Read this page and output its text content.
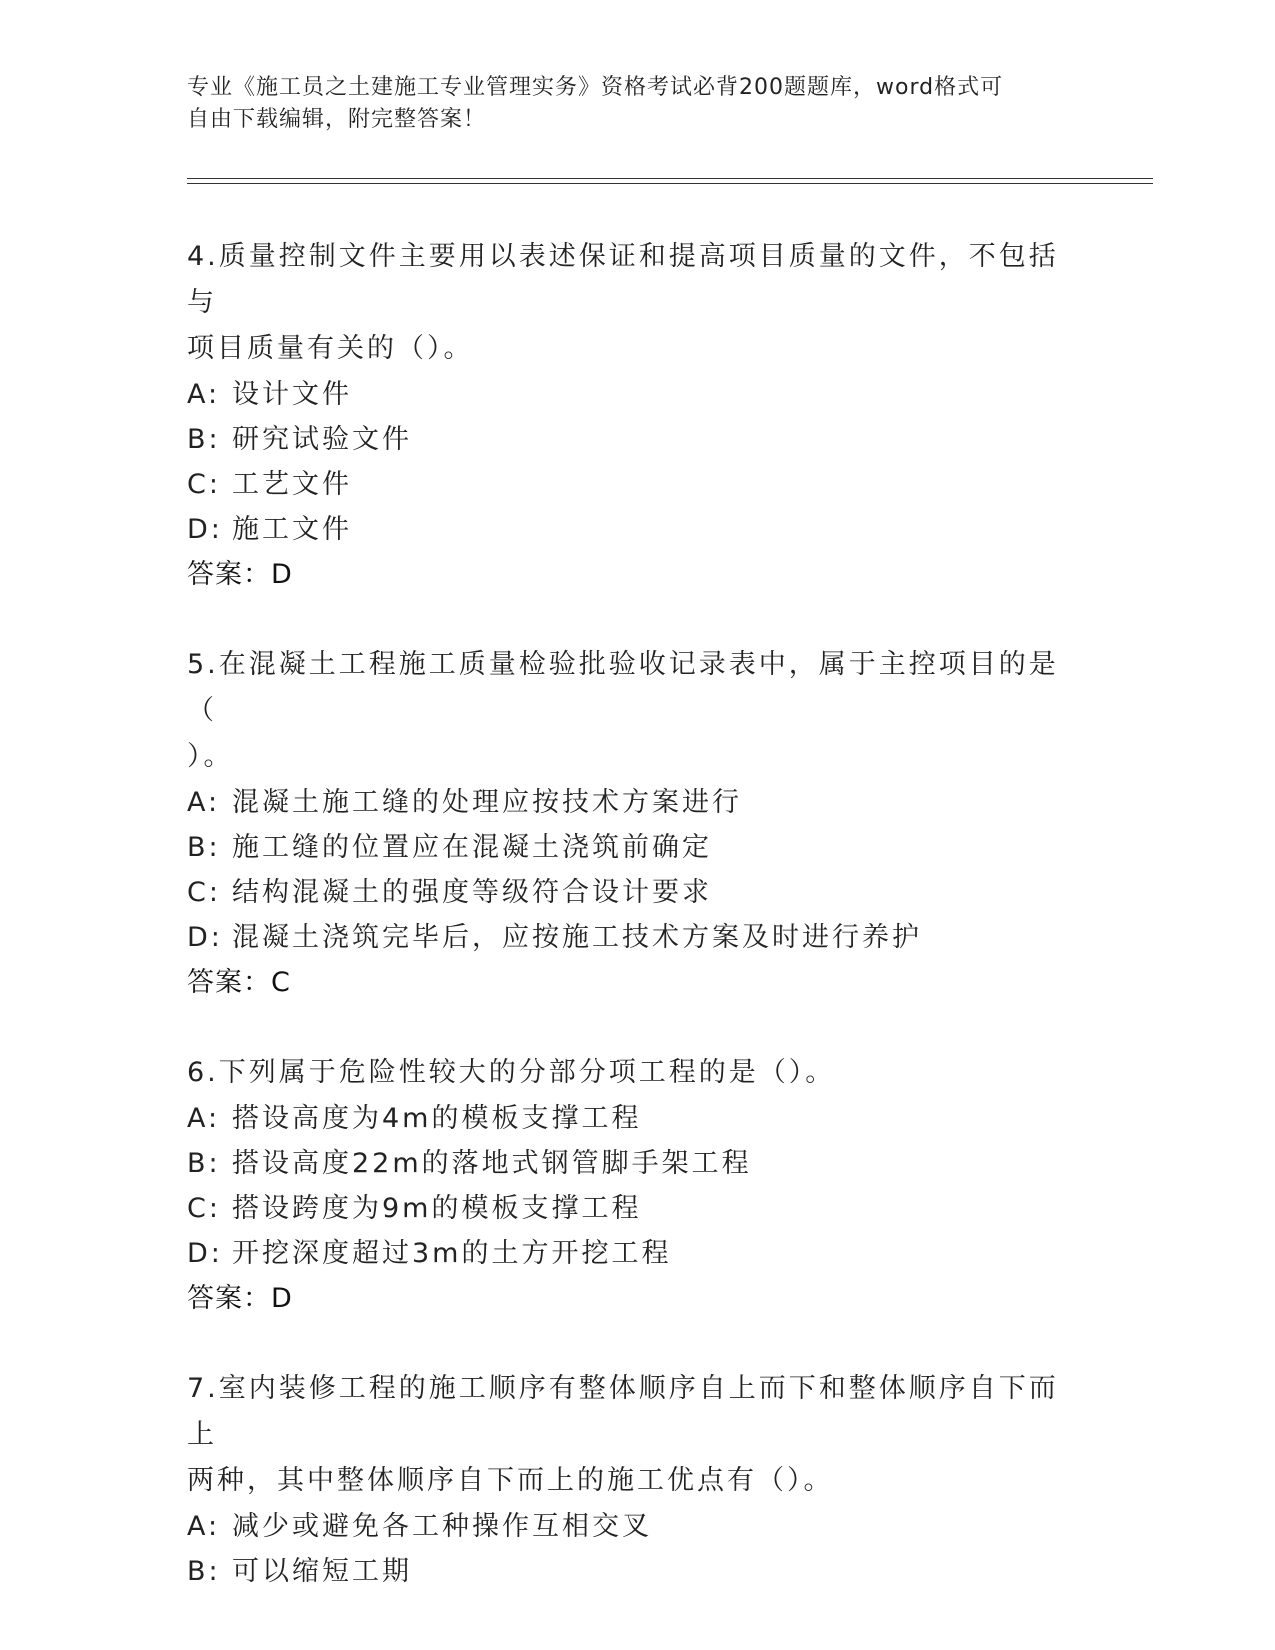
专业《施工员之土建施工专业管理实务》资格考试必背200题题库，word格式可
自由下载编辑，附完整答案！

4.质量控制文件主要用以表述保证和提高项目质量的文件，不包括与
项目质量有关的（）。

A: 设计文件

B: 研究试验文件

C: 工艺文件

D: 施工文件

答案：D

5.在混凝土工程施工质量检验批验收记录表中，属于主控项目的是（
）。

A: 混凝土施工缝的处理应按技术方案进行

B: 施工缝的位置应在混凝土浇筑前确定

C: 结构混凝土的强度等级符合设计要求

D: 混凝土浇筑完毕后，应按施工技术方案及时进行养护

答案：C

6.下列属于危险性较大的分部分项工程的是（）。

A: 搭设高度为4m的模板支撑工程

B: 搭设高度22m的落地式钢管脚手架工程

C: 搭设跨度为9m的模板支撑工程

D: 开挖深度超过3m的土方开挖工程

答案：D

7.室内装修工程的施工顺序有整体顺序自上而下和整体顺序自下而上
两种，其中整体顺序自下而上的施工优点有（）。

A: 减少或避免各工种操作互相交叉

B: 可以缩短工期
